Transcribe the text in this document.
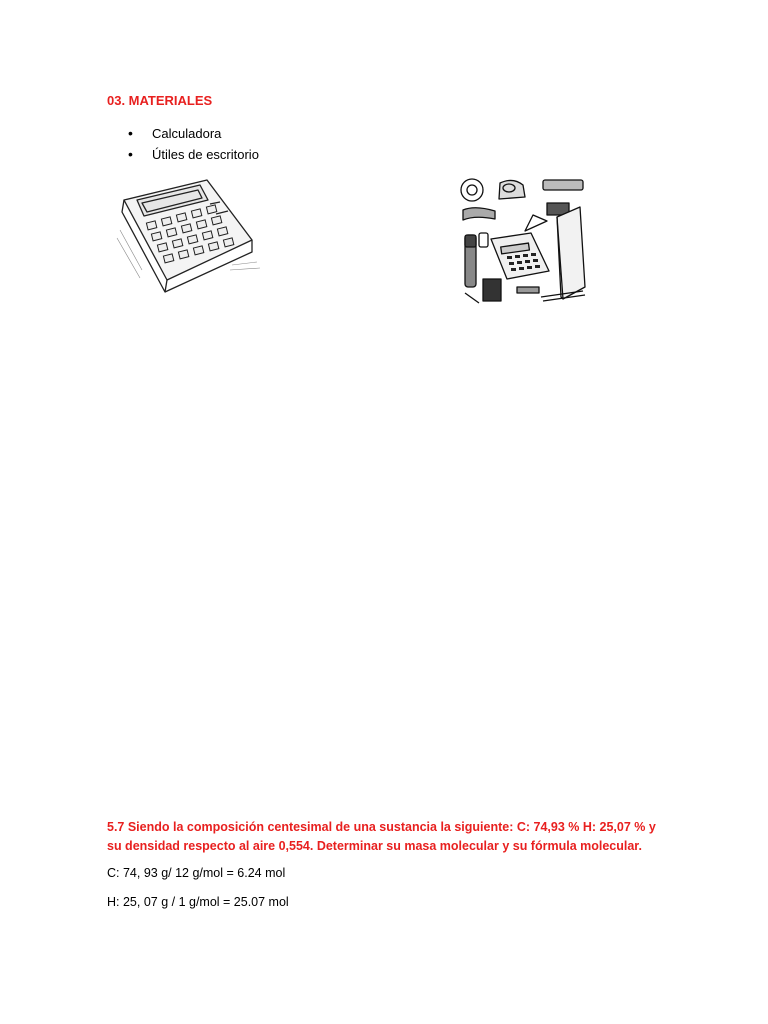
03. MATERIALES
• Calculadora
• Útiles de escritorio
5.7 Siendo la composición centesimal de una sustancia la siguiente: C: 74,93 % H: 25,07 % y su densidad respecto al aire 0,554. Determinar su masa molecular y su fórmula molecular.
C: 74, 93 g/ 12 g/mol = 6.24 mol
H: 25, 07 g / 1 g/mol = 25.07 mol
